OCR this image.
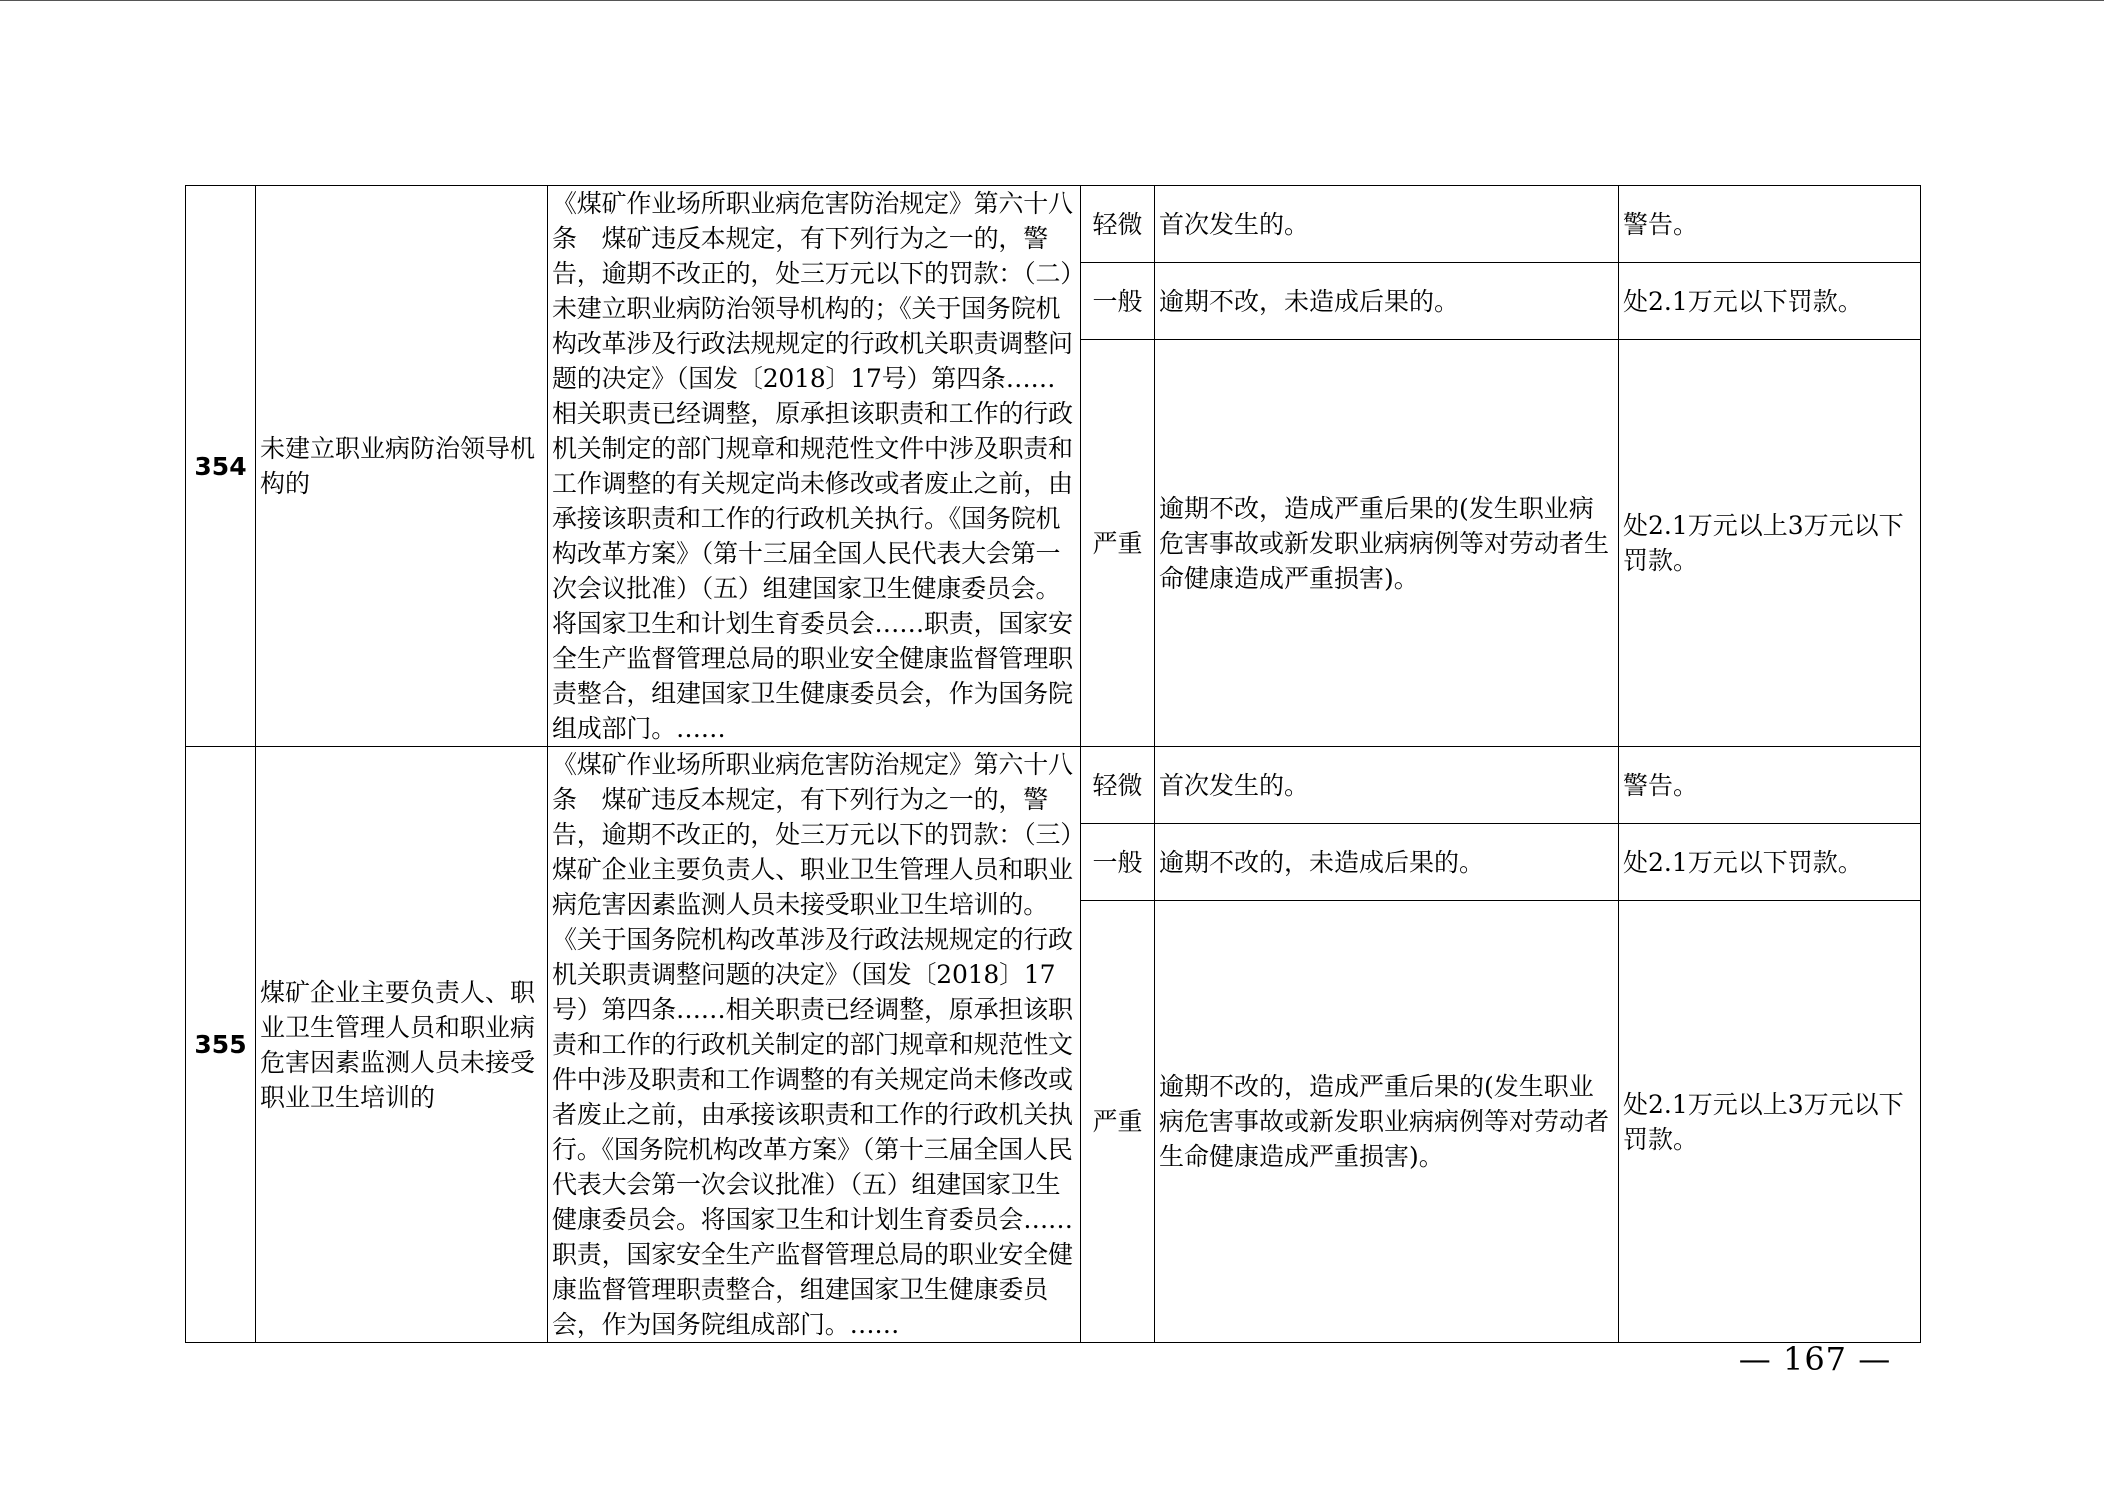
354	未建立职业病防治领导机构的	《煤矿作业场所职业病危害防治规定》第六十八条　煤矿违反本规定，有下列行为之一的，警告，逾期不改正的，处三万元以下的罚款：（二）未建立职业病防治领导机构的；《关于国务院机构改革涉及行政法规规定的行政机关职责调整问题的决定》（国发〔2018〕17号）第四条……相关职责已经调整，原承担该职责和工作的行政机关制定的部门规章和规范性文件中涉及职责和工作调整的有关规定尚未修改或者废止之前，由承接该职责和工作的行政机关执行。《国务院机构改革方案》（第十三届全国人民代表大会第一次会议批准）（五）组建国家卫生健康委员会。将国家卫生和计划生育委员会……职责，国家安全生产监督管理总局的职业安全健康监督管理职责整合，组建国家卫生健康委员会，作为国务院组成部门。……	轻微	首次发生的。	警告。
			一般	逾期不改，未造成后果的。	处2.1万元以下罚款。
			严重	逾期不改，造成严重后果的(发生职业病危害事故或新发职业病病例等对劳动者生命健康造成严重损害)。	处2.1万元以上3万元以下罚款。
355	煤矿企业主要负责人、职业卫生管理人员和职业病危害因素监测人员未接受职业卫生培训的	《煤矿作业场所职业病危害防治规定》第六十八条　煤矿违反本规定，有下列行为之一的，警告，逾期不改正的，处三万元以下的罚款：（三）煤矿企业主要负责人、职业卫生管理人员和职业病危害因素监测人员未接受职业卫生培训的。《关于国务院机构改革涉及行政法规规定的行政机关职责调整问题的决定》（国发〔2018〕17号）第四条……相关职责已经调整，原承担该职责和工作的行政机关制定的部门规章和规范性文件中涉及职责和工作调整的有关规定尚未修改或者废止之前，由承接该职责和工作的行政机关执行。《国务院机构改革方案》（第十三届全国人民代表大会第一次会议批准）（五）组建国家卫生健康委员会。将国家卫生和计划生育委员会……职责，国家安全生产监督管理总局的职业安全健康监督管理职责整合，组建国家卫生健康委员会，作为国务院组成部门。……	轻微	首次发生的。	警告。
			一般	逾期不改的，未造成后果的。	处2.1万元以下罚款。
			严重	逾期不改的，造成严重后果的(发生职业病危害事故或新发职业病病例等对劳动者生命健康造成严重损害)。	处2.1万元以上3万元以下罚款。
— 167 —
